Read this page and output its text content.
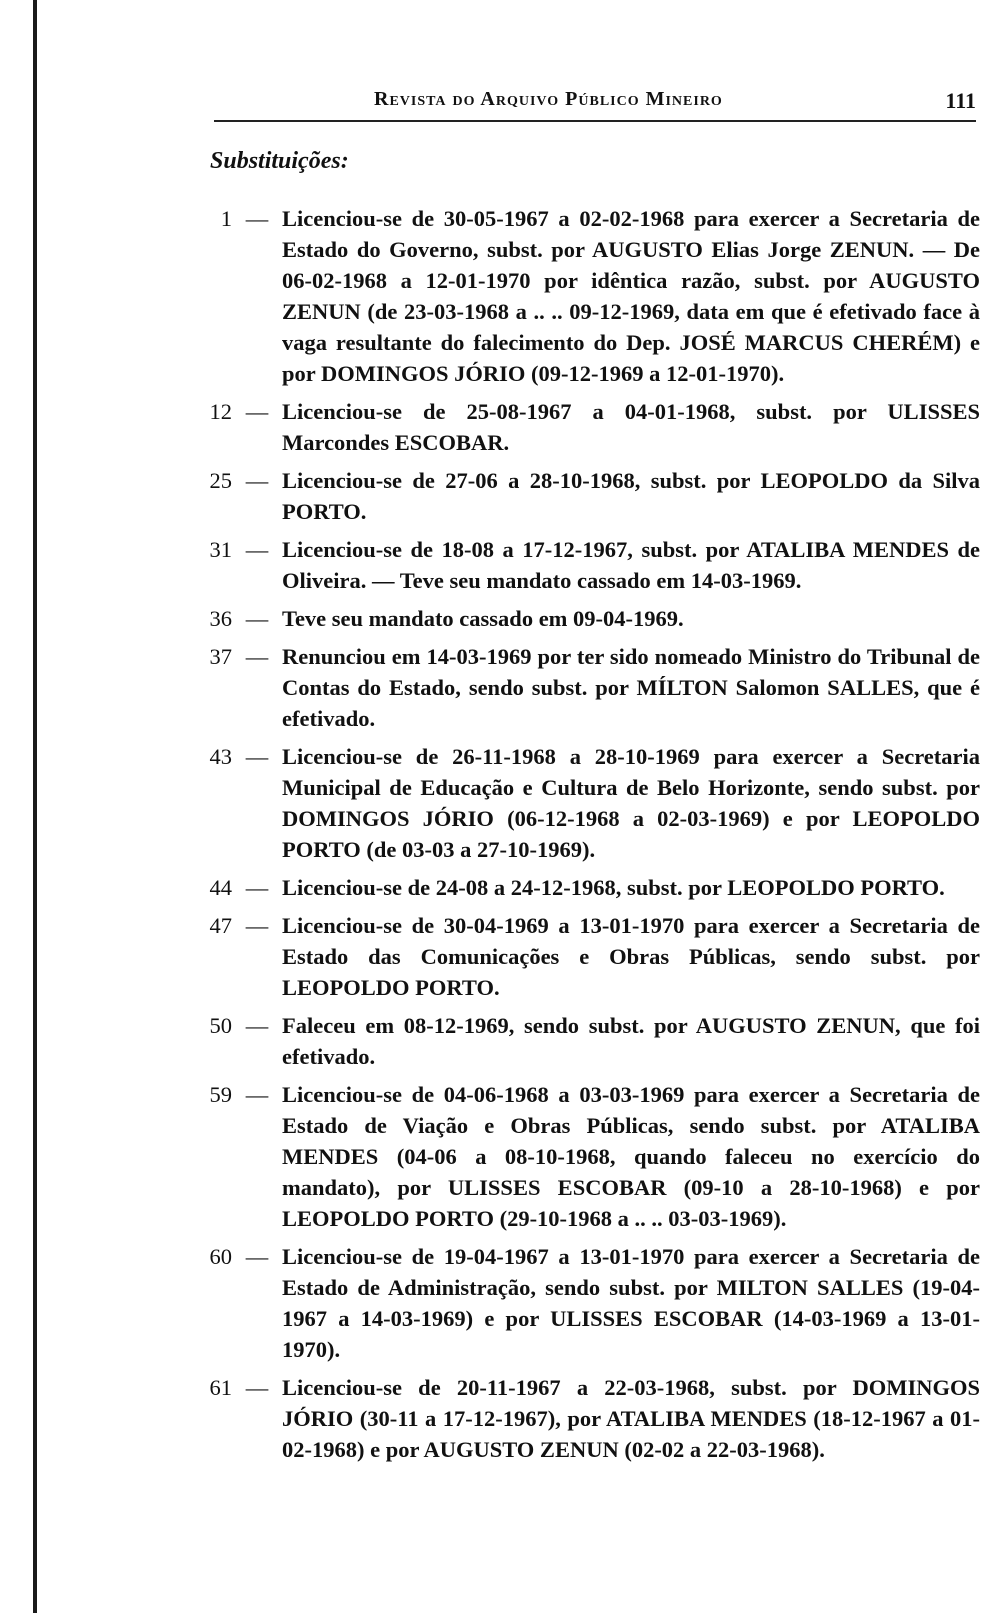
Revista do Arquivo Público Mineiro	111
Substituições:
1 — Licenciou-se de 30-05-1967 a 02-02-1968 para exercer a Secretaria de Estado do Governo, subst. por AUGUSTO Elias Jorge ZENUN. — De 06-02-1968 a 12-01-1970 por idêntica razão, subst. por AUGUSTO ZENUN (de 23-03-1968 a .. .. 09-12-1969, data em que é efetivado face à vaga resultante do falecimento do Dep. JOSÉ MARCUS CHERÉM) e por DOMINGOS JÓRIO (09-12-1969 a 12-01-1970).
12 — Licenciou-se de 25-08-1967 a 04-01-1968, subst. por ULISSES Marcondes ESCOBAR.
25 — Licenciou-se de 27-06 a 28-10-1968, subst. por LEOPOLDO da Silva PORTO.
31 — Licenciou-se de 18-08 a 17-12-1967, subst. por ATALIBA MENDES de Oliveira. — Teve seu mandato cassado em 14-03-1969.
36 — Teve seu mandato cassado em 09-04-1969.
37 — Renunciou em 14-03-1969 por ter sido nomeado Ministro do Tribunal de Contas do Estado, sendo subst. por MÍLTON Salomon SALLES, que é efetivado.
43 — Licenciou-se de 26-11-1968 a 28-10-1969 para exercer a Secretaria Municipal de Educação e Cultura de Belo Horizonte, sendo subst. por DOMINGOS JÓRIO (06-12-1968 a 02-03-1969) e por LEOPOLDO PORTO (de 03-03 a 27-10-1969).
44 — Licenciou-se de 24-08 a 24-12-1968, subst. por LEOPOLDO PORTO.
47 — Licenciou-se de 30-04-1969 a 13-01-1970 para exercer a Secretaria de Estado das Comunicações e Obras Públicas, sendo subst. por LEOPOLDO PORTO.
50 — Faleceu em 08-12-1969, sendo subst. por AUGUSTO ZENUN, que foi efetivado.
59 — Licenciou-se de 04-06-1968 a 03-03-1969 para exercer a Secretaria de Estado de Viação e Obras Públicas, sendo subst. por ATALIBA MENDES (04-06 a 08-10-1968, quando faleceu no exercício do mandato), por ULISSES ESCOBAR (09-10 a 28-10-1968) e por LEOPOLDO PORTO (29-10-1968 a .. .. 03-03-1969).
60 — Licenciou-se de 19-04-1967 a 13-01-1970 para exercer a Secretaria de Estado de Administração, sendo subst. por MILTON SALLES (19-04-1967 a 14-03-1969) e por ULISSES ESCOBAR (14-03-1969 a 13-01-1970).
61 — Licenciou-se de 20-11-1967 a 22-03-1968, subst. por DOMINGOS JÓRIO (30-11 a 17-12-1967), por ATALIBA MENDES (18-12-1967 a 01-02-1968) e por AUGUSTO ZENUN (02-02 a 22-03-1968).
